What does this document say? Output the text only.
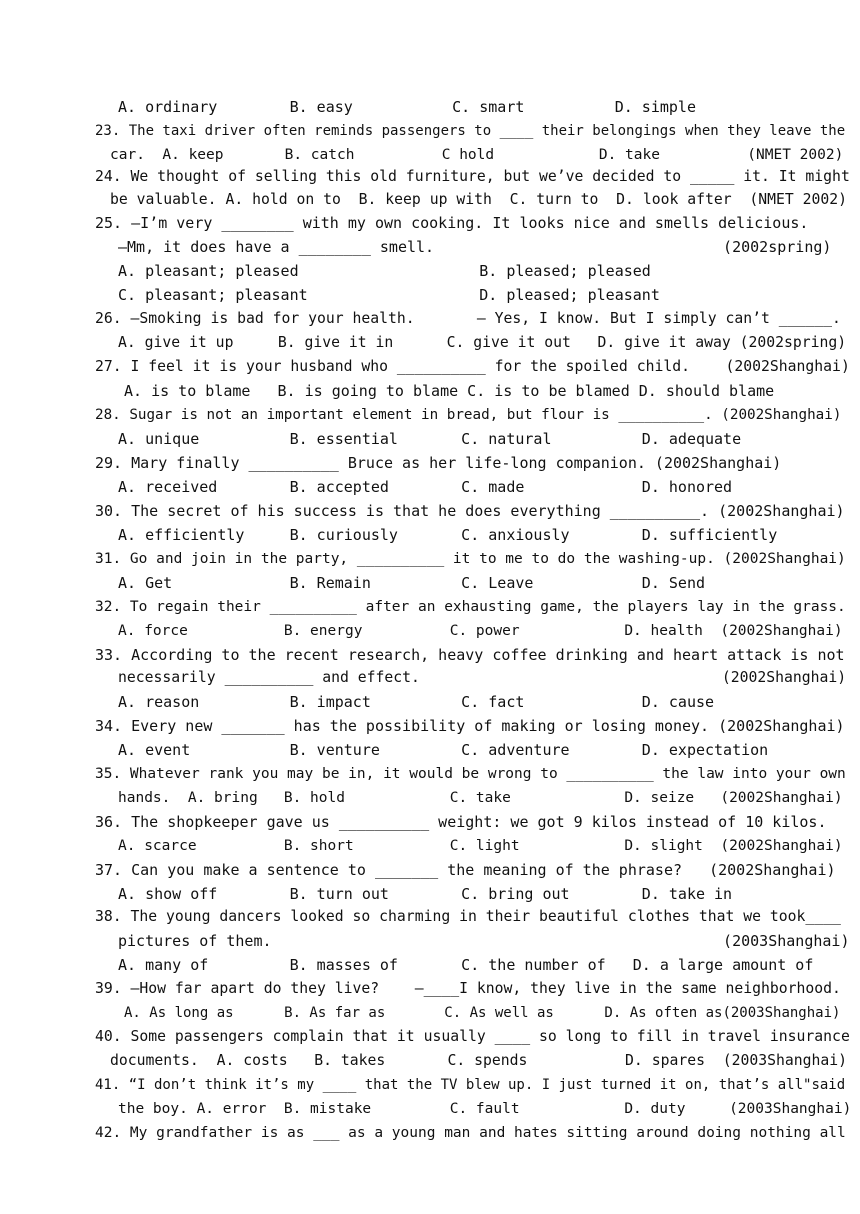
A. ordinary        B. easy           C. smart          D. simple
23. The taxi driver often reminds passengers to ____ their belongings when they leave the
car.  A. keep       B. catch          C hold            D. take          (NMET 2002)
24. We thought of selling this old furniture, but we’ve decided to _____ it. It might
be valuable. A. hold on to  B. keep up with  C. turn to  D. look after  (NMET 2002)
25. —I’m very ________ with my own cooking. It looks nice and smells delicious.
—Mm, it does have a ________ smell.                                (2002spring)
A. pleasant; pleased                    B. pleased; pleased
C. pleasant; pleasant                   D. pleased; pleasant
26. —Smoking is bad for your health.       — Yes, I know. But I simply can’t ______.
A. give it up     B. give it in      C. give it out   D. give it away (2002spring)
27. I feel it is your husband who __________ for the spoiled child.    (2002Shanghai)
A. is to blame   B. is going to blame C. is to be blamed D. should blame
28. Sugar is not an important element in bread, but flour is __________. (2002Shanghai)
A. unique          B. essential       C. natural          D. adequate
29. Mary finally __________ Bruce as her life-long companion. (2002Shanghai)
A. received        B. accepted        C. made             D. honored
30. The secret of his success is that he does everything __________. (2002Shanghai)
A. efficiently     B. curiously       C. anxiously        D. sufficiently
31. Go and join in the party, __________ it to me to do the washing-up. (2002Shanghai)
A. Get             B. Remain          C. Leave            D. Send
32. To regain their __________ after an exhausting game, the players lay in the grass.
A. force           B. energy          C. power            D. health  (2002Shanghai)
33. According to the recent research, heavy coffee drinking and heart attack is not
necessarily __________ and effect.                                  (2002Shanghai)
A. reason          B. impact          C. fact             D. cause
34. Every new _______ has the possibility of making or losing money. (2002Shanghai)
A. event           B. venture         C. adventure        D. expectation
35. Whatever rank you may be in, it would be wrong to __________ the law into your own
hands.  A. bring   B. hold            C. take             D. seize   (2002Shanghai)
36. The shopkeeper gave us __________ weight: we got 9 kilos instead of 10 kilos.
A. scarce          B. short           C. light            D. slight  (2002Shanghai)
37. Can you make a sentence to _______ the meaning of the phrase?   (2002Shanghai)
A. show off        B. turn out        C. bring out        D. take in
38. The young dancers looked so charming in their beautiful clothes that we took____
pictures of them.                                                  (2003Shanghai)
A. many of         B. masses of       C. the number of   D. a large amount of
39. —How far apart do they live?    —____I know, they live in the same neighborhood.
A. As long as      B. As far as       C. As well as      D. As often as(2003Shanghai)
40. Some passengers complain that it usually ____ so long to fill in travel insurance
documents.  A. costs   B. takes       C. spends           D. spares  (2003Shanghai)
41. “I don’t think it’s my ____ that the TV blew up. I just turned it on, that’s all"said
the boy. A. error  B. mistake         C. fault            D. duty     (2003Shanghai)
42. My grandfather is as ___ as a young man and hates sitting around doing nothing all
